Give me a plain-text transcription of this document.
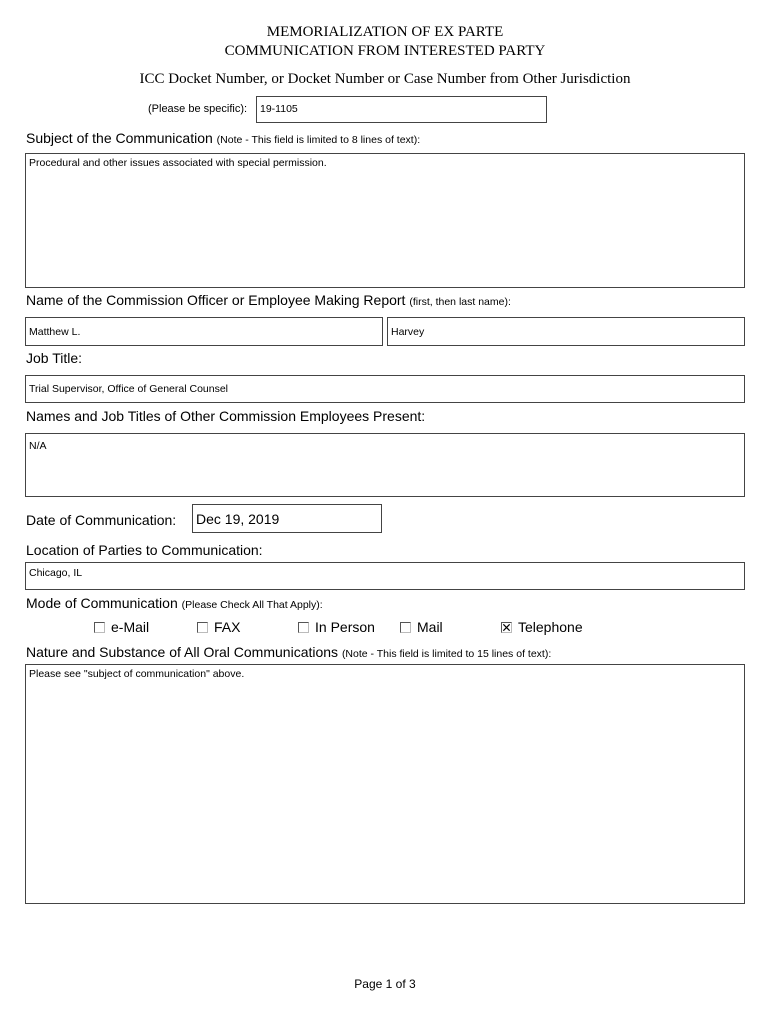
MEMORIALIZATION OF EX PARTE
COMMUNICATION FROM INTERESTED PARTY
ICC Docket Number, or Docket Number or Case Number from Other Jurisdiction
(Please be specific):	19-1105
Subject of the Communication (Note - This field is limited to 8 lines of text):
Procedural and other issues associated with special permission.
Name of the Commission Officer or Employee Making Report (first, then last name):
Matthew L.	Harvey
Job Title:
Trial Supervisor, Office of General Counsel
Names and Job Titles of Other Commission Employees Present:
N/A
Date of Communication: Dec 19, 2019
Location of Parties to Communication:
Chicago, IL
Mode of Communication (Please Check All That Apply):
e-Mail	FAX	In Person	Mail	Telephone
Nature and Substance of All Oral Communications (Note - This field is limited to 15 lines of text):
Please see "subject of communication" above.
Page 1 of 3
